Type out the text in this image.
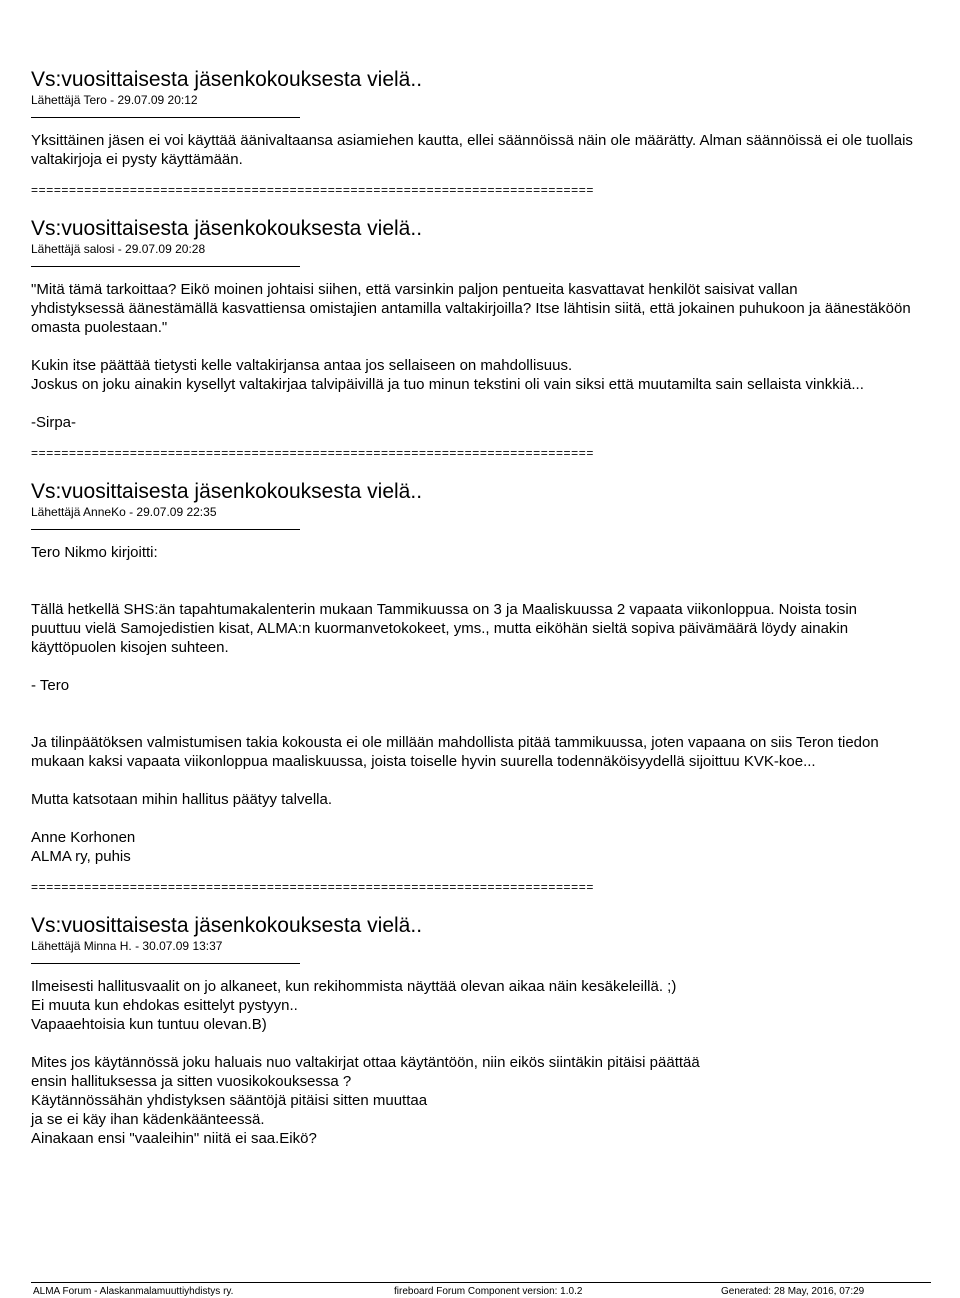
Vs:vuosittaisesta jäsenkokouksesta vielä..
Lähettäjä Tero - 29.07.09 20:12
Yksittäinen jäsen ei voi käyttää äänivaltaansa asiamiehen kautta, ellei säännöissä näin ole määrätty. Alman säännöissä ei ole tuollais
valtakirjoja ei pysty käyttämään.
==========================================================================
Vs:vuosittaisesta jäsenkokouksesta vielä..
Lähettäjä salosi - 29.07.09 20:28
"Mitä tämä tarkoittaa? Eikö moinen johtaisi siihen, että varsinkin paljon pentueita kasvattavat henkilöt saisivat vallan
yhdistyksessä äänestämällä kasvattiensa omistajien antamilla valtakirjoilla? Itse lähtisin siitä, että jokainen puhukoon ja äänestäköön
omasta puolestaan."

Kukin itse päättää tietysti kelle valtakirjansa antaa jos sellaiseen on mahdollisuus.
Joskus on joku ainakin kysellyt valtakirjaa talvipäivillä ja tuo minun tekstini oli vain siksi että muutamilta sain sellaista vinkkiä...

-Sirpa-
==========================================================================
Vs:vuosittaisesta jäsenkokouksesta vielä..
Lähettäjä AnneKo - 29.07.09 22:35
Tero Nikmo kirjoitti:

Tällä hetkellä SHS:än tapahtumakalenterin mukaan Tammikuussa on 3 ja Maaliskuussa 2 vapaata viikonloppua. Noista tosin
puuttuu vielä Samojedistien kisat, ALMA:n kuormanvetokokeet, yms., mutta eiköhän sieltä sopiva päivämäärä löydy ainakin
käyttöpuolen kisojen suhteen.

- Tero

Ja tilinpäätöksen valmistumisen takia kokousta ei ole millään mahdollista pitää tammikuussa, joten vapaana on siis Teron tiedon
mukaan kaksi vapaata viikonloppua maaliskuussa, joista toiselle hyvin suurella todennäköisyydellä sijoittuu KVK-koe...

Mutta katsotaan mihin hallitus päätyy talvella.

Anne Korhonen
ALMA ry, puhis
==========================================================================
Vs:vuosittaisesta jäsenkokouksesta vielä..
Lähettäjä Minna H. - 30.07.09 13:37
Ilmeisesti hallitusvaalit on jo alkaneet, kun rekihommista näyttää olevan aikaa näin kesäkeleillä. ;)
Ei muuta kun ehdokas esittelyt pystyyn..
Vapaaehtoisia kun tuntuu olevan.B)

Mites jos käytännössä joku haluais nuo valtakirjat ottaa käytäntöön, niin eikös siintäkin pitäisi päättää
ensin hallituksessa ja sitten vuosikokouksessa ?
Käytännössähän yhdistyksen sääntöjä pitäisi sitten muuttaa
ja se ei käy ihan kädenkäänteessä.
Ainakaan ensi "vaaleihin" niitä ei saa.Eikö?
ALMA Forum - Alaskanmalamuuttiyhdistys ry.	fireboard Forum Component version: 1.0.2	Generated: 28 May, 2016, 07:29
